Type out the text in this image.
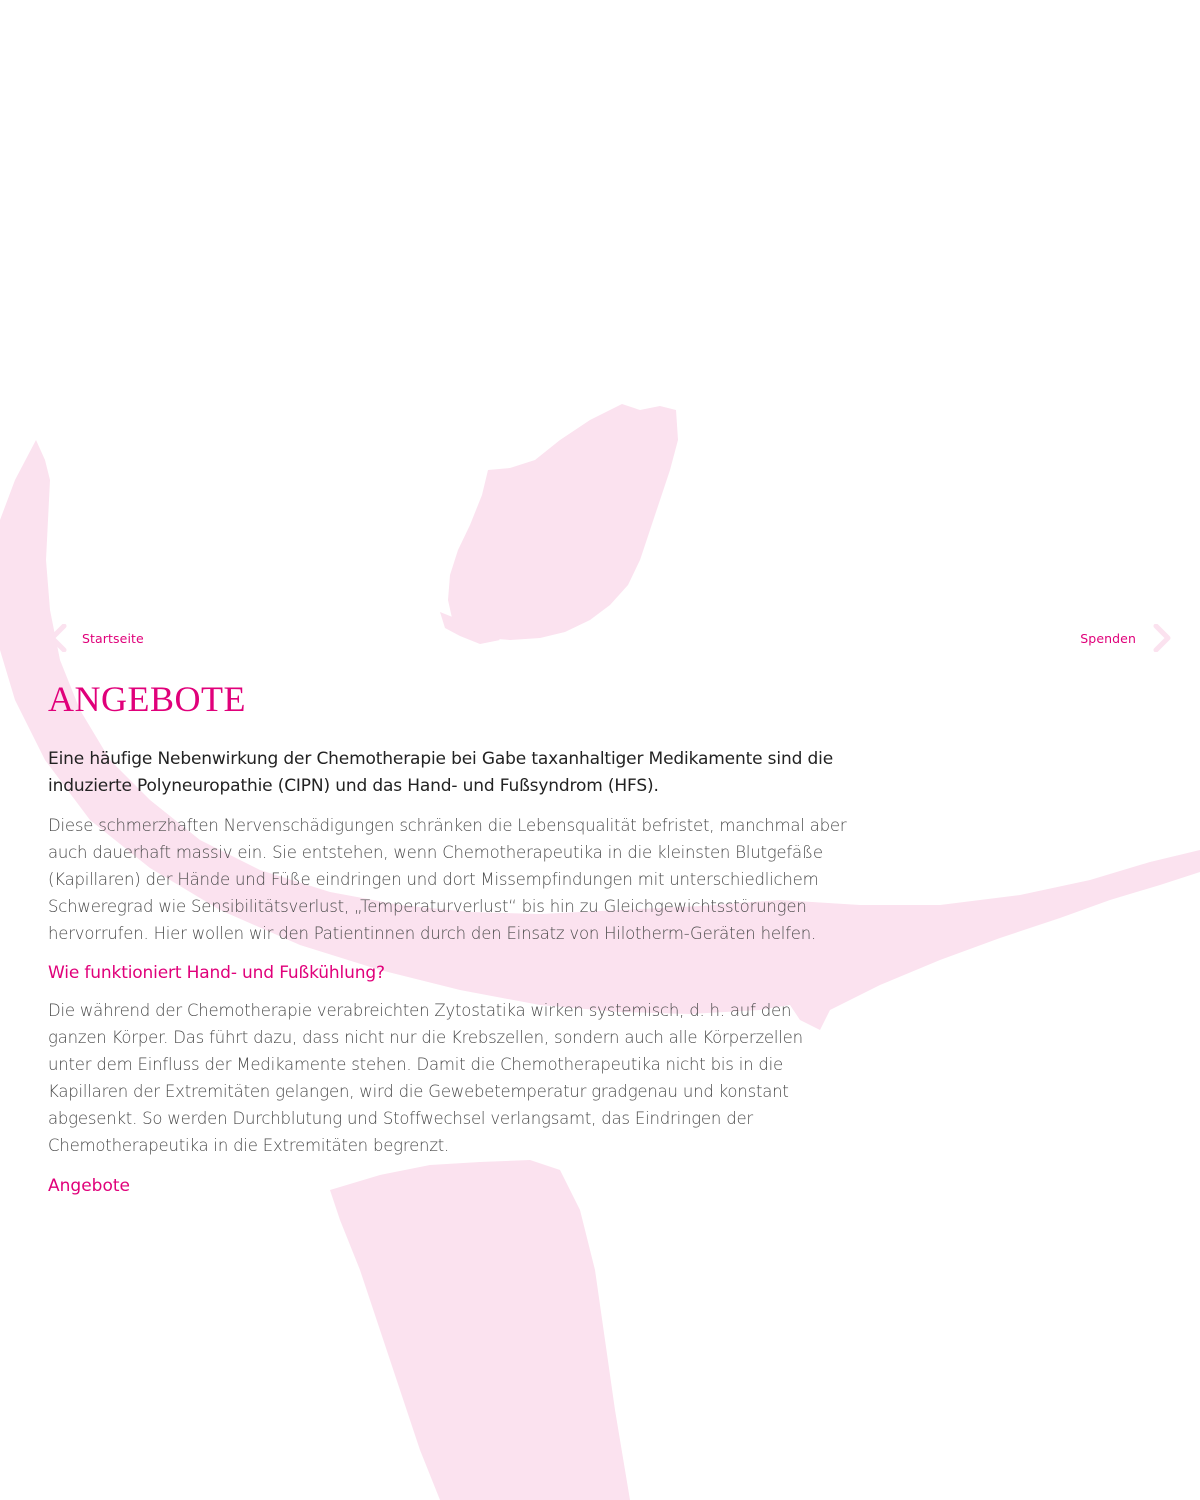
Startseite	Spenden
ANGEBOTE

Eine häufige Nebenwirkung der Chemotherapie bei Gabe taxanhaltiger Medikamente sind die induzierte Polyneuropathie (CIPN) und das Hand- und Fußsyndrom (HFS).

Diese schmerzhaften Nervenschädigungen schränken die Lebensqualität befristet, manchmal aber auch dauerhaft massiv ein. Sie entstehen, wenn Chemotherapeutika in die kleinsten Blutgefäße (Kapillaren) der Hände und Füße eindringen und dort Missempfindungen mit unterschiedlichem Schweregrad wie Sensibilitätsverlust, „Temperaturverlust“ bis hin zu Gleichgewichtsstörungen hervorrufen. Hier wollen wir den Patientinnen durch den Einsatz von Hilotherm-Geräten helfen.

Wie funktioniert Hand- und Fußkühlung?

Die während der Chemotherapie verabreichten Zytostatika wirken systemisch, d. h. auf den ganzen Körper. Das führt dazu, dass nicht nur die Krebszellen, sondern auch alle Körperzellen unter dem Einfluss der Medikamente stehen. Damit die Chemotherapeutika nicht bis in die Kapillaren der Extremitäten gelangen, wird die Gewebetemperatur gradgenau und konstant abgesenkt. So werden Durchblutung und Stoffwechsel verlangsamt, das Eindringen der Chemotherapeutika in die Extremitäten begrenzt.

Angebote
